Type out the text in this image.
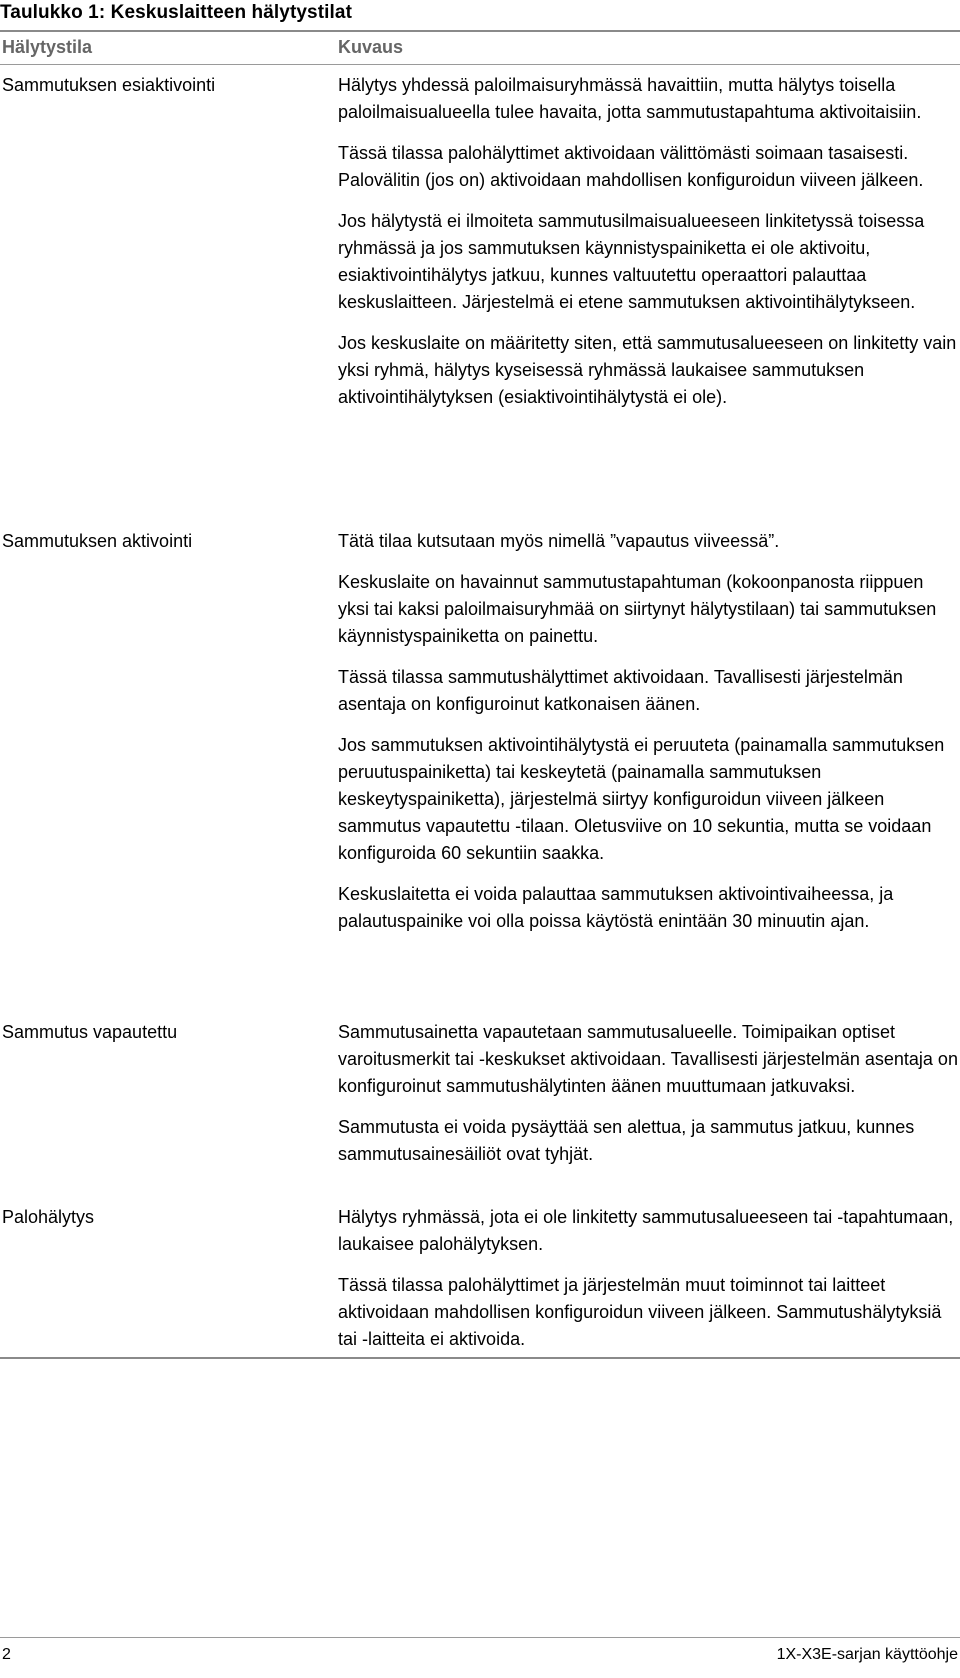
Taulukko 1: Keskuslaitteen hälytystilat
Hälytystila	Kuvaus
Sammutuksen esiaktivointi	Hälytys yhdessä paloilmaisuryhmässä havaittiin, mutta hälytys toisella paloilmaisualueella tulee havaita, jotta sammutustapahtuma aktivoitaisiin.

Tässä tilassa palohälyttimet aktivoidaan välittömästi soimaan tasaisesti. Palovälitin (jos on) aktivoidaan mahdollisen konfiguroidun viiveen jälkeen.

Jos hälytystä ei ilmoiteta sammutusilmaisualueeseen linkitetyssä toisessa ryhmässä ja jos sammutuksen käynnistyspainiketta ei ole aktivoitu, esiaktivointihälytys jatkuu, kunnes valtuutettu operaattori palauttaa keskuslaitteen. Järjestelmä ei etene sammutuksen aktivointihälytykseen.

Jos keskuslaite on määritetty siten, että sammutusalueeseen on linkitetty vain yksi ryhmä, hälytys kyseisessä ryhmässä laukaisee sammutuksen aktivointihälytyksen (esiaktivointihälytystä ei ole).

Sammutuksen aktivointi	Tätä tilaa kutsutaan myös nimellä ”vapautus viiveessä”.

Keskuslaite on havainnut sammutustapahtuman (kokoonpanosta riippuen yksi tai kaksi paloilmaisuryhmää on siirtynyt hälytystilaan) tai sammutuksen käynnistyspainiketta on painettu.

Tässä tilassa sammutushälyttimet aktivoidaan. Tavallisesti järjestelmän asentaja on konfiguroinut katkonaisen äänen.

Jos sammutuksen aktivointihälytystä ei peruuteta (painamalla sammutuksen peruutuspainiketta) tai keskeytetä (painamalla sammutuksen keskeytyspainiketta), järjestelmä siirtyy konfiguroidun viiveen jälkeen sammutus vapautettu -tilaan. Oletusviive on 10 sekuntia, mutta se voidaan konfiguroida 60 sekuntiin saakka.

Keskuslaitetta ei voida palauttaa sammutuksen aktivointivaiheessa, ja palautuspainike voi olla poissa käytöstä enintään 30 minuutin ajan.

Sammutus vapautettu	Sammutusainetta vapautetaan sammutusalueelle. Toimipaikan optiset varoitusmerkit tai -keskukset aktivoidaan. Tavallisesti järjestelmän asentaja on konfiguroinut sammutushälytinten äänen muuttumaan jatkuvaksi.

Sammutusta ei voida pysäyttää sen alettua, ja sammutus jatkuu, kunnes sammutusainesäiliöt ovat tyhjät.

Palohälytys	Hälytys ryhmässä, jota ei ole linkitetty sammutusalueeseen tai -tapahtumaan, laukaisee palohälytyksen.

Tässä tilassa palohälyttimet ja järjestelmän muut toiminnot tai laitteet aktivoidaan mahdollisen konfiguroidun viiveen jälkeen. Sammutushälytyksiä tai -laitteita ei aktivoida.

2	1X-X3E-sarjan käyttöohje
